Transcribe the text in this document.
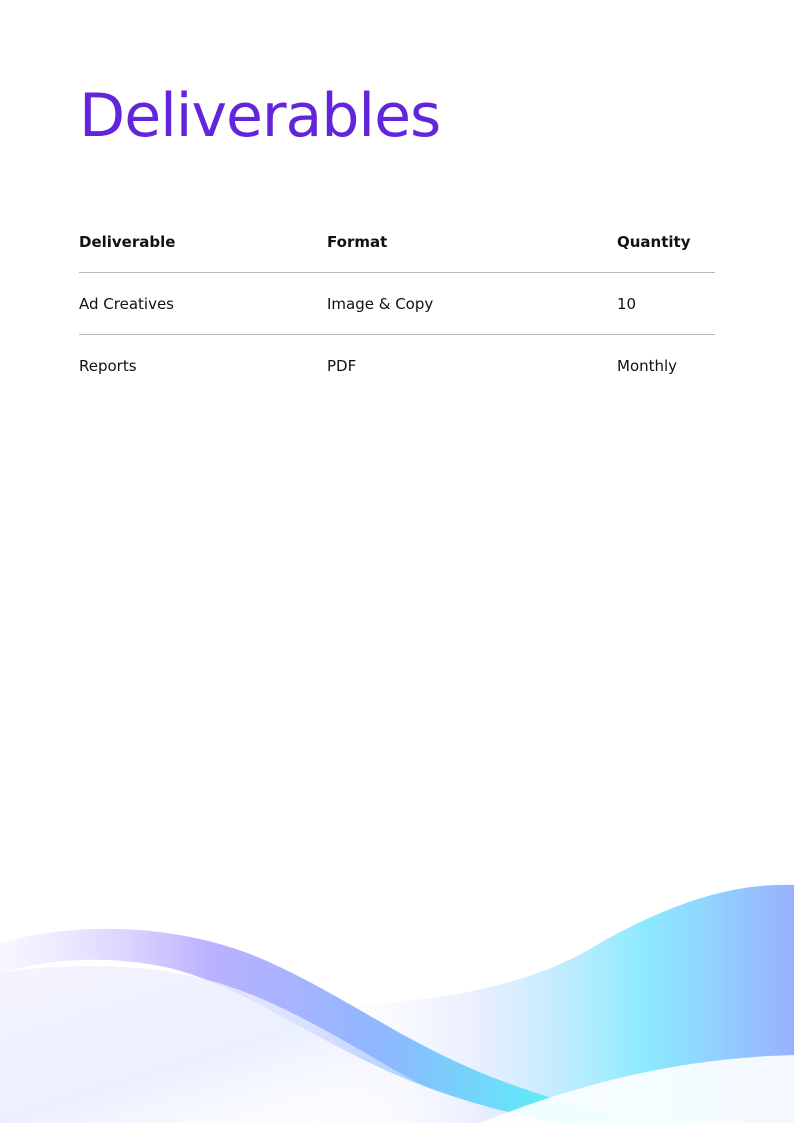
Deliverables
Deliverable	Format	Quantity
Ad Creatives	Image & Copy	10
Reports	PDF	Monthly
